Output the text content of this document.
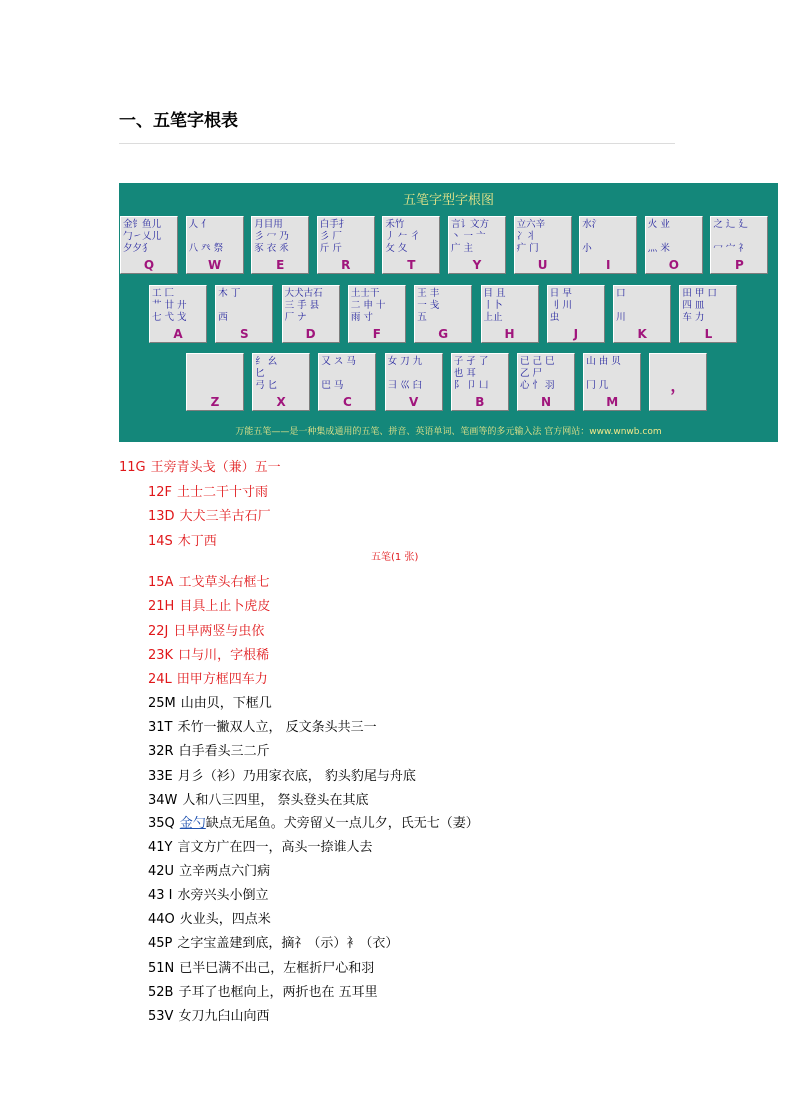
一、五笔字根表
五笔字型字根图
金钅鱼儿
勹㇀乂儿
夕夕犭
Q
人 亻

八 癶 祭
W
月目用
彡 冖 乃
豕 衣 乑
E
白手扌
彡 厂
斤 斤
R
禾竹
丿 𠂉 彳
攵 夂
T
言讠文方
丶 一 亠
广 主
Y
立六辛
冫丬
疒 门
U
水氵

小
I
火 业

灬 米
O
之 辶 廴

冖 宀 礻
P
工 匚
艹 廿 廾
七 弋 戈
A
木 丁

西
S
大犬古石
三 手 县
厂 ナ
D
土士干
二 申 十
雨 寸
F
王 丰
一 戋
五
G
目 且
丨卜
上止
H
日 早
刂 川
虫
J
口

川
K
田 甲 口
四 皿
车 力
L
Z
纟 幺
匕
弓 匕
X
又 ス 马

巴 马
C
女 刀 九

彐 巛 臼
V
子 孑 了
也 耳
阝 卩 凵
B
已 己 巳
乙 尸
心 忄 羽
N
山 由 贝

冂 几
M
，
万能五笔——是一种集成通用的五笔、拼音、英语单词、笔画等的多元输入法 官方网站：www.wnwb.com
11G 王旁青头戋（兼）五一
12F 土士二干十寸雨
13D 大犬三羊古石厂
14S 木丁西
15A 工戈草头右框七
21H 目具上止卜虎皮
22J 日早两竖与虫依
23K 口与川，字根稀
24L 田甲方框四车力
25M 山由贝，下框几
31T 禾竹一撇双人立， 反文条头共三一
32R 白手看头三二斤
33E 月彡（衫）乃用家衣底， 豹头豹尾与舟底
34W 人和八三四里， 祭头登头在其底
35Q 金勺缺点无尾鱼。犬旁留乂一点儿夕，氏无七（妻）
41Y 言文方广在四一，高头一捺谁人去
42U 立辛两点六门病
43 I 水旁兴头小倒立
44O 火业头，四点米
45P 之字宝盖建到底，摘礻（示）衤（衣）
51N 已半巳满不出己，左框折尸心和羽
52B 子耳了也框向上，两折也在 五耳里
53V 女刀九臼山向西
五笔(1 张)
